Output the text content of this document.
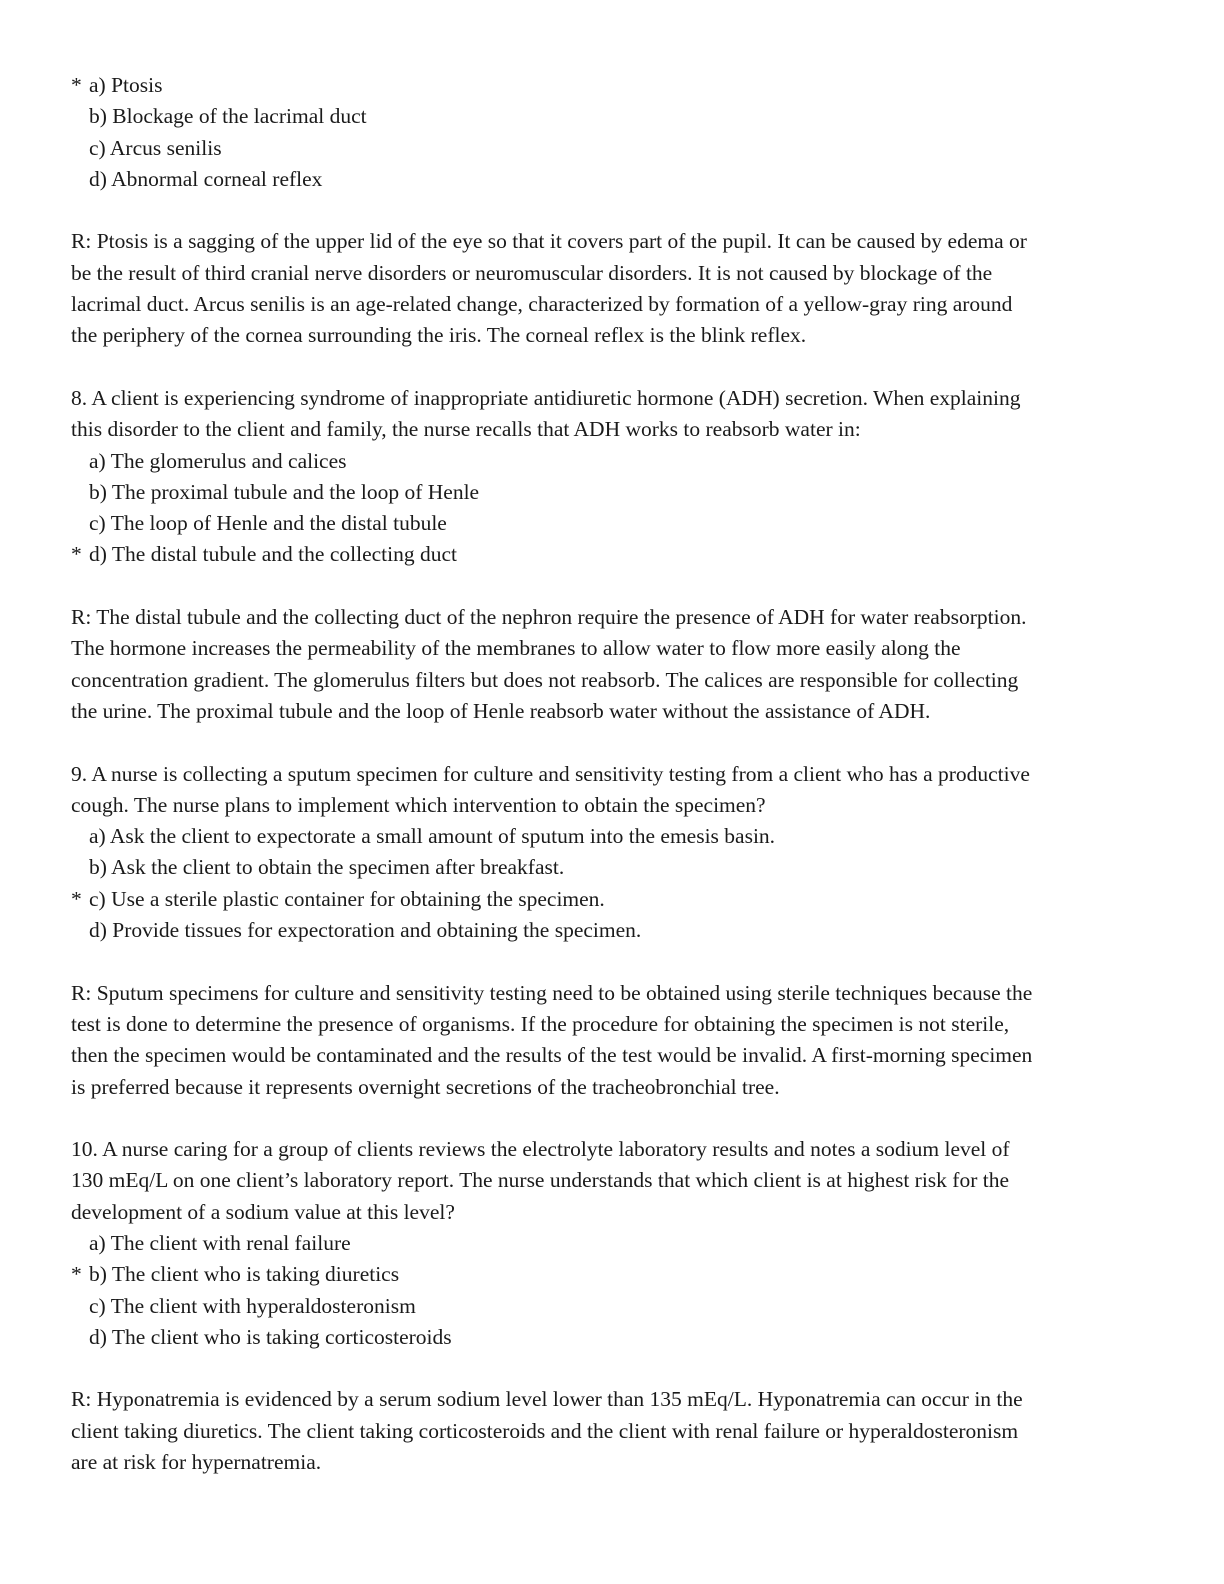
* a) Ptosis
b) Blockage of the lacrimal duct
c) Arcus senilis
d) Abnormal corneal reflex
R: Ptosis is a sagging of the upper lid of the eye so that it covers part of the pupil. It can be caused by edema or
be the result of third cranial nerve disorders or neuromuscular disorders. It is not caused by blockage of the
lacrimal duct. Arcus senilis is an age-related change, characterized by formation of a yellow-gray ring around
the periphery of the cornea surrounding the iris. The corneal reflex is the blink reflex.
8. A client is experiencing syndrome of inappropriate antidiuretic hormone (ADH) secretion. When explaining
this disorder to the client and family, the nurse recalls that ADH works to reabsorb water in:
a) The glomerulus and calices
b) The proximal tubule and the loop of Henle
c) The loop of Henle and the distal tubule
* d) The distal tubule and the collecting duct
R: The distal tubule and the collecting duct of the nephron require the presence of ADH for water reabsorption.
The hormone increases the permeability of the membranes to allow water to flow more easily along the
concentration gradient. The glomerulus filters but does not reabsorb. The calices are responsible for collecting
the urine. The proximal tubule and the loop of Henle reabsorb water without the assistance of ADH.
9. A nurse is collecting a sputum specimen for culture and sensitivity testing from a client who has a productive
cough. The nurse plans to implement which intervention to obtain the specimen?
a) Ask the client to expectorate a small amount of sputum into the emesis basin.
b) Ask the client to obtain the specimen after breakfast.
* c) Use a sterile plastic container for obtaining the specimen.
d) Provide tissues for expectoration and obtaining the specimen.
R: Sputum specimens for culture and sensitivity testing need to be obtained using sterile techniques because the
test is done to determine the presence of organisms. If the procedure for obtaining the specimen is not sterile,
then the specimen would be contaminated and the results of the test would be invalid. A first-morning specimen
is preferred because it represents overnight secretions of the tracheobronchial tree.
10. A nurse caring for a group of clients reviews the electrolyte laboratory results and notes a sodium level of
130 mEq/L on one client’s laboratory report. The nurse understands that which client is at highest risk for the
development of a sodium value at this level?
a) The client with renal failure
* b) The client who is taking diuretics
c) The client with hyperaldosteronism
d) The client who is taking corticosteroids
R: Hyponatremia is evidenced by a serum sodium level lower than 135 mEq/L. Hyponatremia can occur in the
client taking diuretics. The client taking corticosteroids and the client with renal failure or hyperaldosteronism
are at risk for hypernatremia.
